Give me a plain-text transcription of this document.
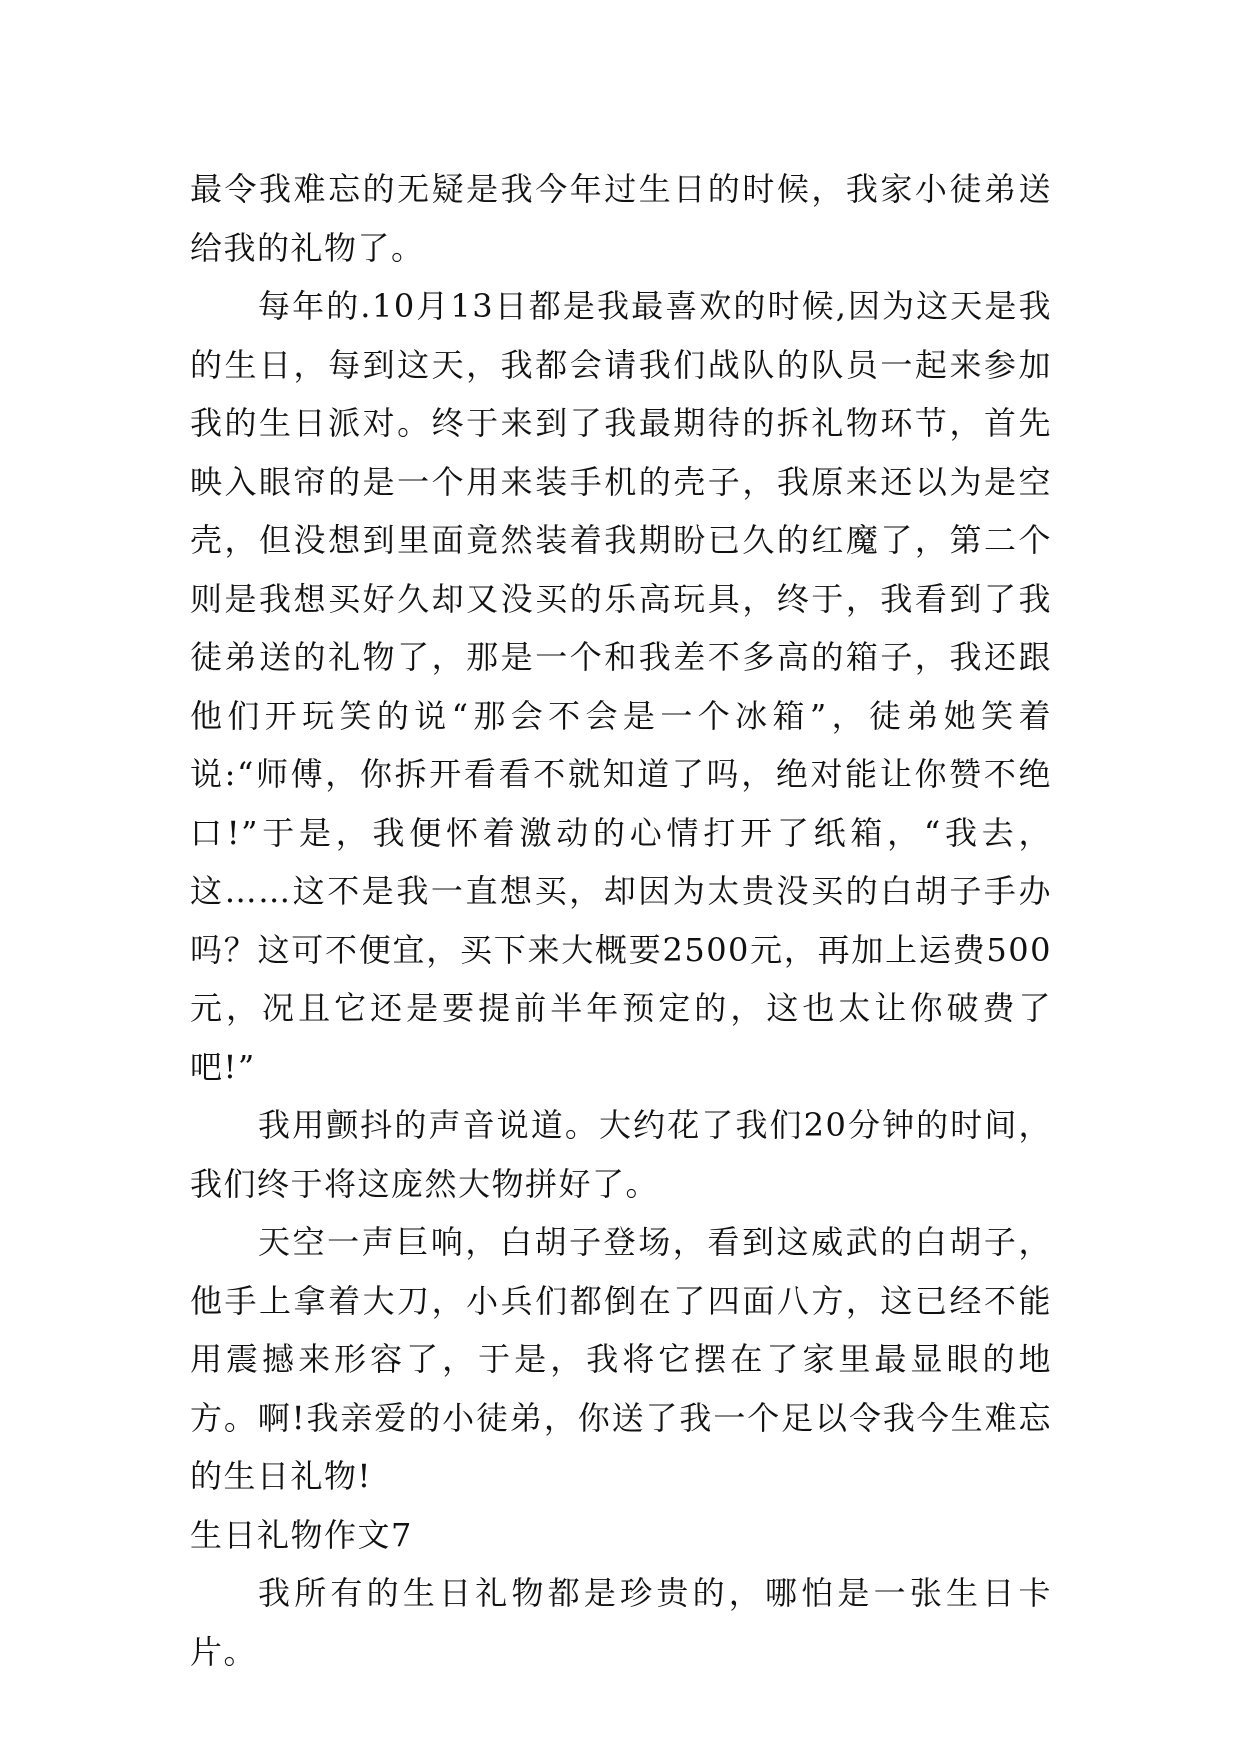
最令我难忘的无疑是我今年过生日的时候，我家小徒弟送给我的礼物了。

每年的.10月13日都是我最喜欢的时候,因为这天是我的生日，每到这天，我都会请我们战队的队员一起来参加我的生日派对。终于来到了我最期待的拆礼物环节，首先映入眼帘的是一个用来装手机的壳子，我原来还以为是空壳，但没想到里面竟然装着我期盼已久的红魔了，第二个则是我想买好久却又没买的乐高玩具，终于，我看到了我徒弟送的礼物了，那是一个和我差不多高的箱子，我还跟他们开玩笑的说“那会不会是一个冰箱”，徒弟她笑着说:“师傅，你拆开看看不就知道了吗，绝对能让你赞不绝口!”于是，我便怀着激动的心情打开了纸箱，“我去，这……这不是我一直想买，却因为太贵没买的白胡子手办吗？这可不便宜，买下来大概要2500元，再加上运费500元，况且它还是要提前半年预定的，这也太让你破费了吧!”

我用颤抖的声音说道。大约花了我们20分钟的时间，我们终于将这庞然大物拼好了。

天空一声巨响，白胡子登场，看到这威武的白胡子，他手上拿着大刀，小兵们都倒在了四面八方，这已经不能用震撼来形容了，于是，我将它摆在了家里最显眼的地方。啊!我亲爱的小徒弟，你送了我一个足以令我今生难忘的生日礼物!

生日礼物作文7

我所有的生日礼物都是珍贵的，哪怕是一张生日卡片。
